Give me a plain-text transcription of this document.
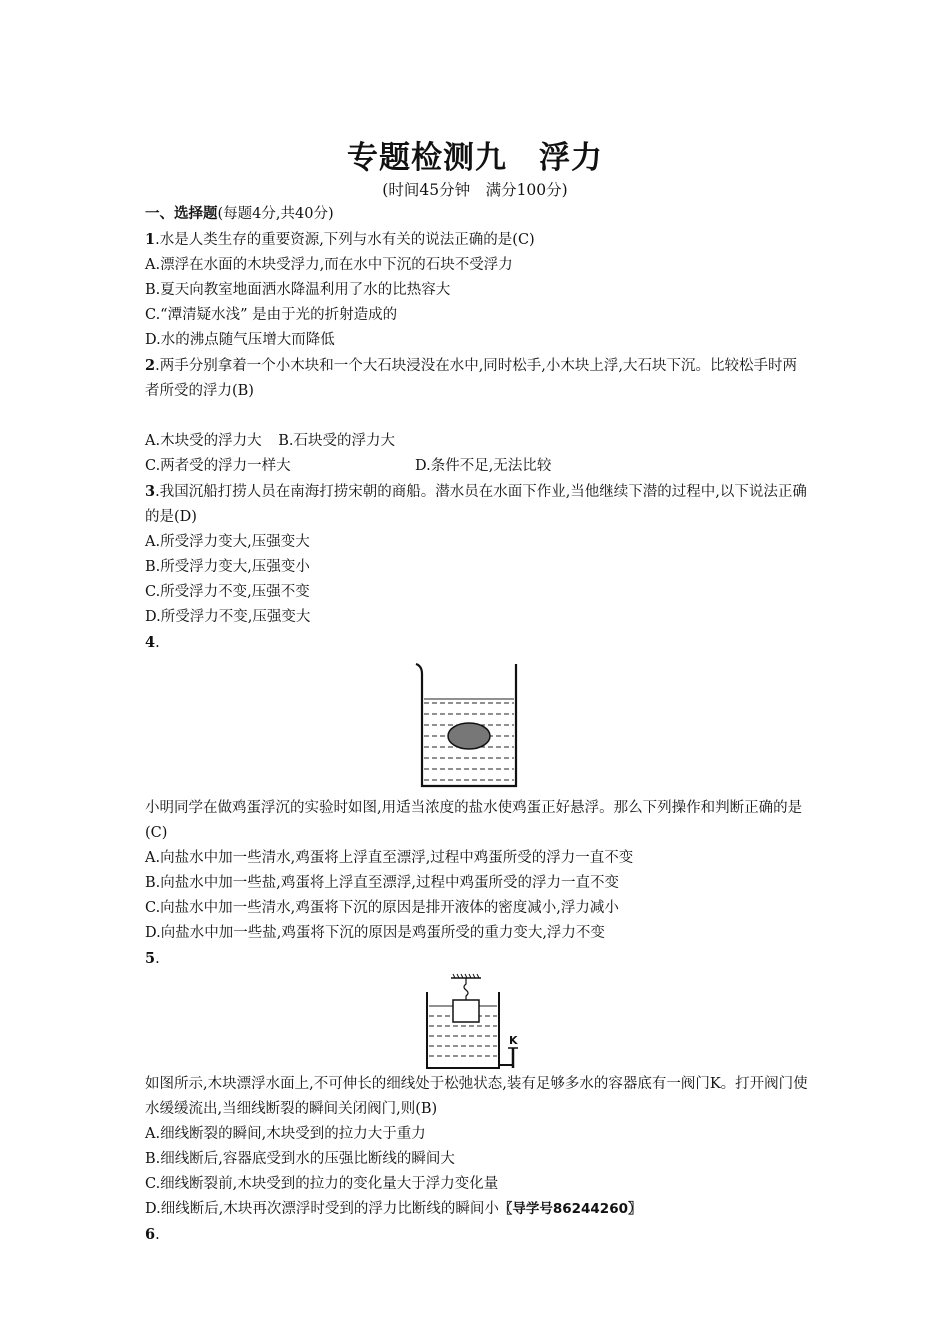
专题检测九　浮力
(时间45分钟　满分100分)
一、选择题(每题4分,共40分)
1.水是人类生存的重要资源,下列与水有关的说法正确的是(C)
A.漂浮在水面的木块受浮力,而在水中下沉的石块不受浮力
B.夏天向教室地面洒水降温利用了水的比热容大
C.“潭清疑水浅” 是由于光的折射造成的
D.水的沸点随气压增大而降低
2.两手分别拿着一个小木块和一个大石块浸没在水中,同时松手,小木块上浮,大石块下沉。比较松手时两者所受的浮力(B)
A.木块受的浮力大 B.石块受的浮力大
C.两者受的浮力一样大	D.条件不足,无法比较
3.我国沉船打捞人员在南海打捞宋朝的商船。潜水员在水面下作业,当他继续下潜的过程中,以下说法正确的是(D)
A.所受浮力变大,压强变大
B.所受浮力变大,压强变小
C.所受浮力不变,压强不变
D.所受浮力不变,压强变大
4.
小明同学在做鸡蛋浮沉的实验时如图,用适当浓度的盐水使鸡蛋正好悬浮。那么下列操作和判断正确的是　　　(C)
A.向盐水中加一些清水,鸡蛋将上浮直至漂浮,过程中鸡蛋所受的浮力一直不变
B.向盐水中加一些盐,鸡蛋将上浮直至漂浮,过程中鸡蛋所受的浮力一直不变
C.向盐水中加一些清水,鸡蛋将下沉的原因是排开液体的密度减小,浮力减小
D.向盐水中加一些盐,鸡蛋将下沉的原因是鸡蛋所受的重力变大,浮力不变
5.
K
如图所示,木块漂浮水面上,不可伸长的细线处于松弛状态,装有足够多水的容器底有一阀门K。打开阀门使水缓缓流出,当细线断裂的瞬间关闭阀门,则(B)
A.细线断裂的瞬间,木块受到的拉力大于重力
B.细线断后,容器底受到水的压强比断线的瞬间大
C.细线断裂前,木块受到的拉力的变化量大于浮力变化量
D.细线断后,木块再次漂浮时受到的浮力比断线的瞬间小〖导学号86244260〗
6.
